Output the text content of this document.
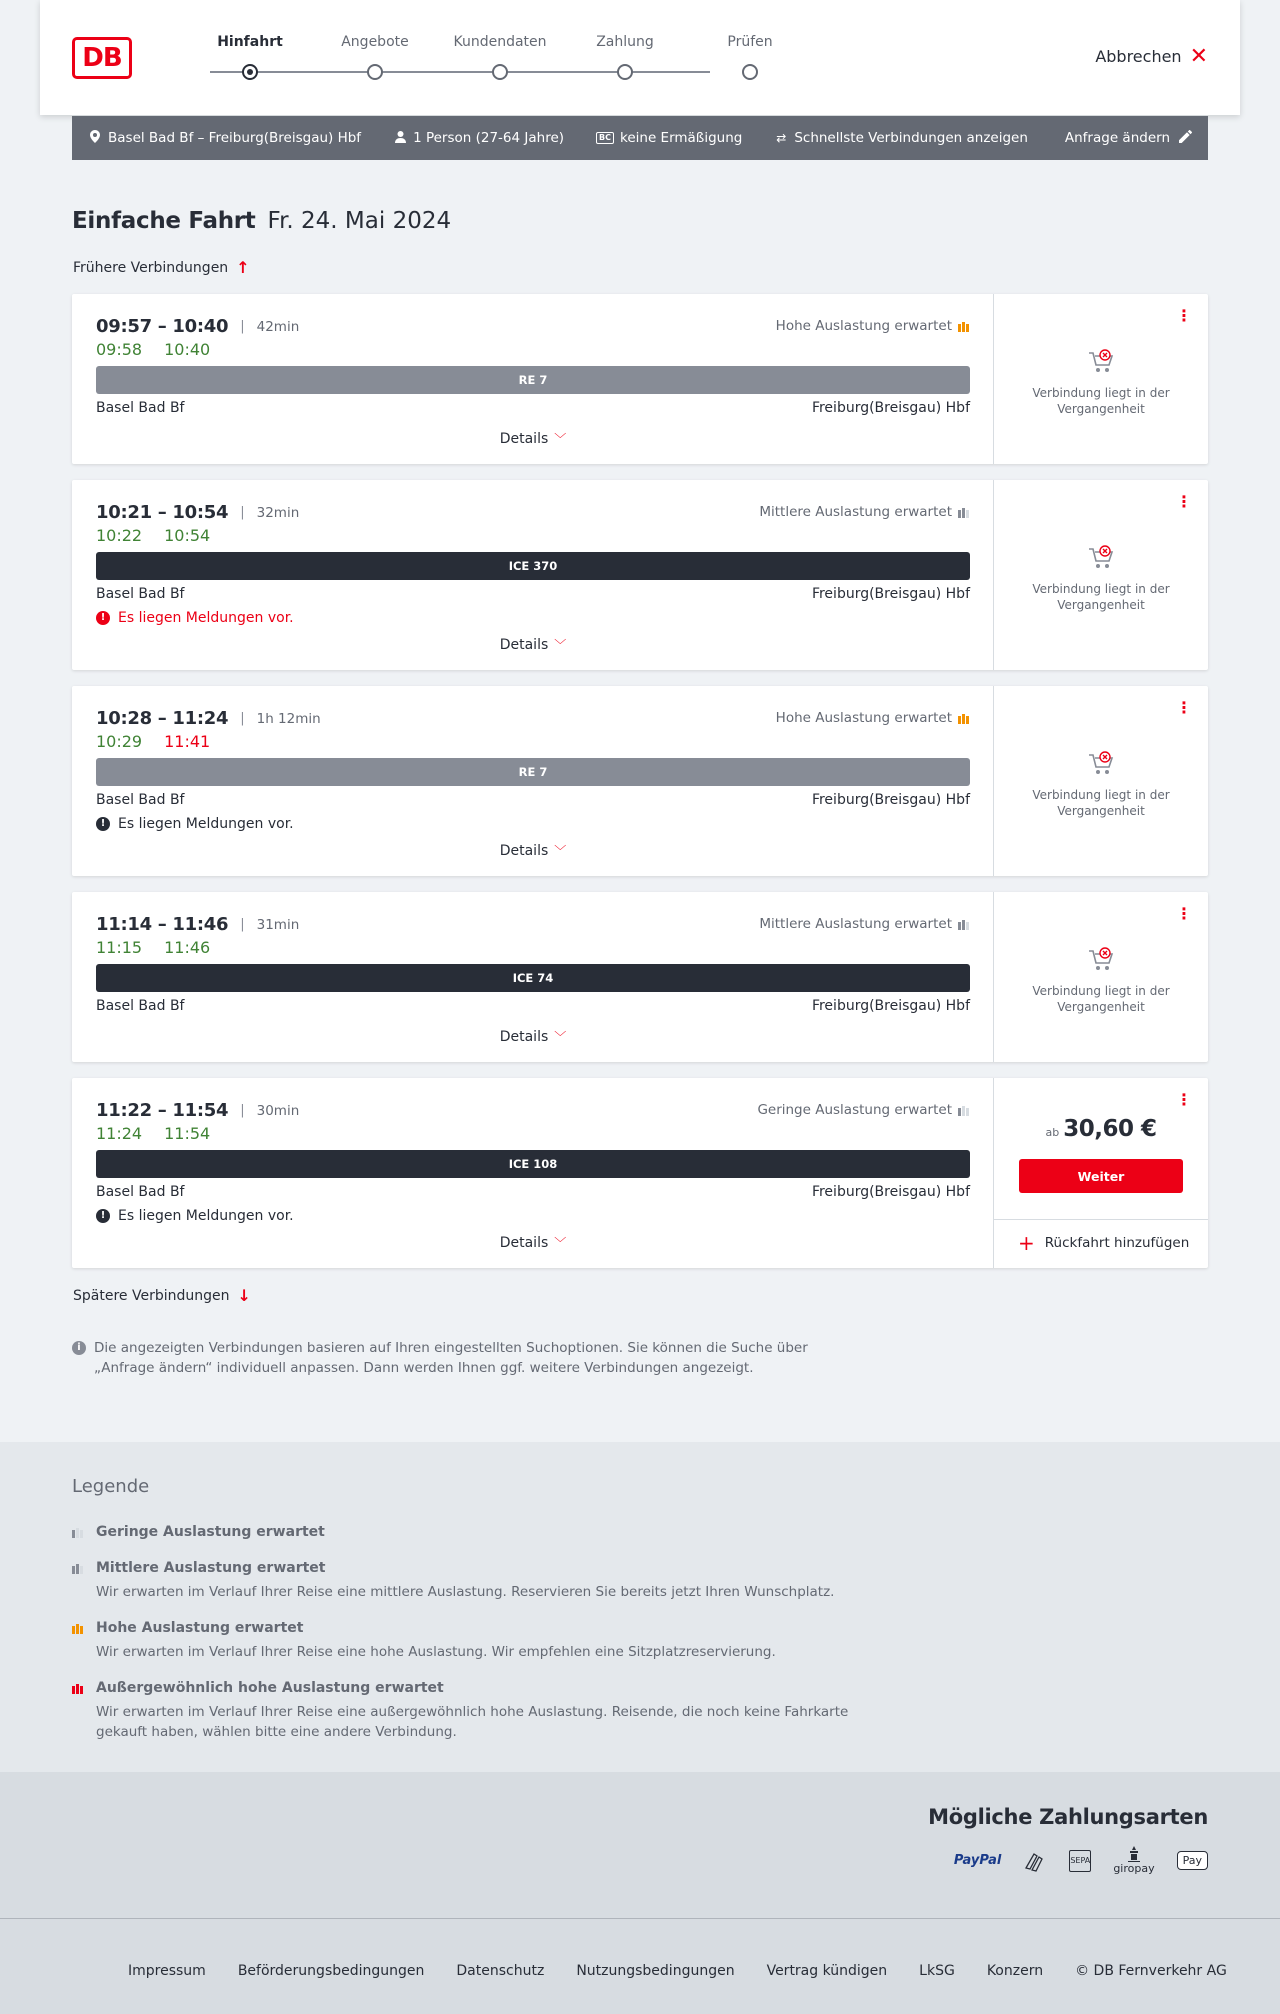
DB
Hinfahrt	Angebote	Kundendaten	Zahlung	Prüfen
Abbrechen ✕
Basel Bad Bf – Freiburg(Breisgau) Hbf	1 Person (27-64 Jahre)	BC keine Ermäßigung	⇄ Schnellste Verbindungen anzeigen	Anfrage ändern
Einfache Fahrt Fr. 24. Mai 2024
Frühere Verbindungen ↑
09:57 – 10:40 | 42min
09:58 10:40
Hohe Auslastung erwartet
RE 7
Basel Bad Bf	Freiburg(Breisgau) Hbf
Details ﹀
⋮
Verbindung liegt in der Vergangenheit
10:21 – 10:54 | 32min
10:22 10:54
Mittlere Auslastung erwartet
ICE 370
Basel Bad Bf	Freiburg(Breisgau) Hbf
! Es liegen Meldungen vor.
Details ﹀
⋮
Verbindung liegt in der Vergangenheit
10:28 – 11:24 | 1h 12min
10:29 11:41
Hohe Auslastung erwartet
RE 7
Basel Bad Bf	Freiburg(Breisgau) Hbf
! Es liegen Meldungen vor.
Details ﹀
⋮
Verbindung liegt in der Vergangenheit
11:14 – 11:46 | 31min
11:15 11:46
Mittlere Auslastung erwartet
ICE 74
Basel Bad Bf	Freiburg(Breisgau) Hbf
Details ﹀
⋮
Verbindung liegt in der Vergangenheit
11:22 – 11:54 | 30min
11:24 11:54
Geringe Auslastung erwartet
ICE 108
Basel Bad Bf	Freiburg(Breisgau) Hbf
! Es liegen Meldungen vor.
Details ﹀
⋮
ab 30,60 €
Weiter
+ Rückfahrt hinzufügen
Spätere Verbindungen ↓
i Die angezeigten Verbindungen basieren auf Ihren eingestellten Suchoptionen. Sie können die Suche über „Anfrage ändern“ individuell anpassen. Dann werden Ihnen ggf. weitere Verbindungen angezeigt.
Legende
Geringe Auslastung erwartet
Mittlere Auslastung erwartet
Wir erwarten im Verlauf Ihrer Reise eine mittlere Auslastung. Reservieren Sie bereits jetzt Ihren Wunschplatz.
Hohe Auslastung erwartet
Wir erwarten im Verlauf Ihrer Reise eine hohe Auslastung. Wir empfehlen eine Sitzplatzreservierung.
Außergewöhnlich hohe Auslastung erwartet
Wir erwarten im Verlauf Ihrer Reise eine außergewöhnlich hohe Auslastung. Reisende, die noch keine Fahrkarte gekauft haben, wählen bitte eine andere Verbindung.
Mögliche Zahlungsarten
PayPal	SEPA
giropay
Pay
Impressum Beförderungsbedingungen Datenschutz Nutzungsbedingungen Vertrag kündigen LkSG Konzern © DB Fernverkehr AG
